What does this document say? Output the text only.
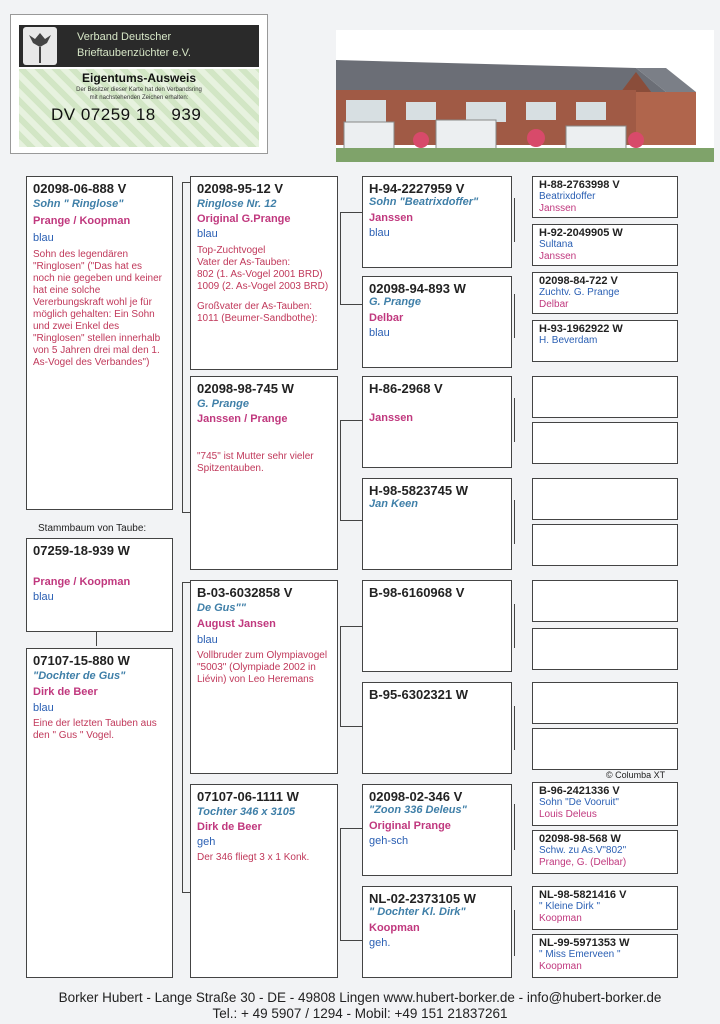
Verband Deutscher
Brieftaubenzüchter e.V.
Eigentums-Ausweis
Der Besitzer dieser Karte hat den Verbandsring
mit nachstehenden Zeichen erhalten:
DV 07259 18   939
02098-06-888 V
Sohn " Ringlose"
Prange / Koopman
blau
Sohn des legendären "Ringlosen" ("Das hat es noch nie gegeben und keiner hat eine solche Vererbungskraft wohl je für möglich gehalten: Ein Sohn und zwei Enkel des "Ringlosen" stellen innerhalb von 5 Jahren drei mal den 1. As-Vogel des Verbandes")
Stammbaum von Taube:
07259-18-939 W
Prange / Koopman
blau
07107-15-880 W
"Dochter de Gus"
Dirk de Beer
blau
Eine der letzten Tauben aus den " Gus " Vogel.
02098-95-12 V
Ringlose Nr. 12
Original G.Prange
blau
Top-Zuchtvogel
Vater der As-Tauben:
802 (1. As-Vogel 2001 BRD)
1009 (2. As-Vogel 2003 BRD)
Großvater der As-Tauben:
1011 (Beumer-Sandbothe):
02098-98-745 W
G. Prange
Janssen / Prange
"745" ist Mutter sehr vieler Spitzentauben.
B-03-6032858 V
De Gus""
August Jansen
blau
Vollbruder zum Olympiavogel "5003" (Olympiade 2002 in Liévin) von Leo Heremans
07107-06-1111 W
Tochter 346 x 3105
Dirk de Beer
geh
Der 346 fliegt 3 x 1 Konk.
H-94-2227959 V
Sohn "Beatrixdoffer"
Janssen
blau
02098-94-893 W
G. Prange
Delbar
blau
H-86-2968 V
Janssen
H-98-5823745 W
Jan Keen
B-98-6160968 V
B-95-6302321 W
02098-02-346 V
"Zoon 336 Deleus"
Original Prange
geh-sch
NL-02-2373105 W
" Dochter Kl. Dirk"
Koopman
geh.
H-88-2763998 V
Beatrixdoffer
Janssen
H-92-2049905 W
Sultana
Janssen
02098-84-722 V
Zuchtv. G. Prange
Delbar
H-93-1962922 W
H. Beverdam
B-96-2421336 V
Sohn "De Vooruit"
Louis Deleus
02098-98-568 W
Schw. zu As.V"802"
Prange, G. (Delbar)
NL-98-5821416 V
" Kleine Dirk "
Koopman
NL-99-5971353 W
" Miss Emerveen "
Koopman
© Columba XT
Borker Hubert - Lange Straße 30 - DE - 49808 Lingen www.hubert-borker.de - info@hubert-borker.de
Tel.: + 49 5907 / 1294 - Mobil: +49 151 21837261
